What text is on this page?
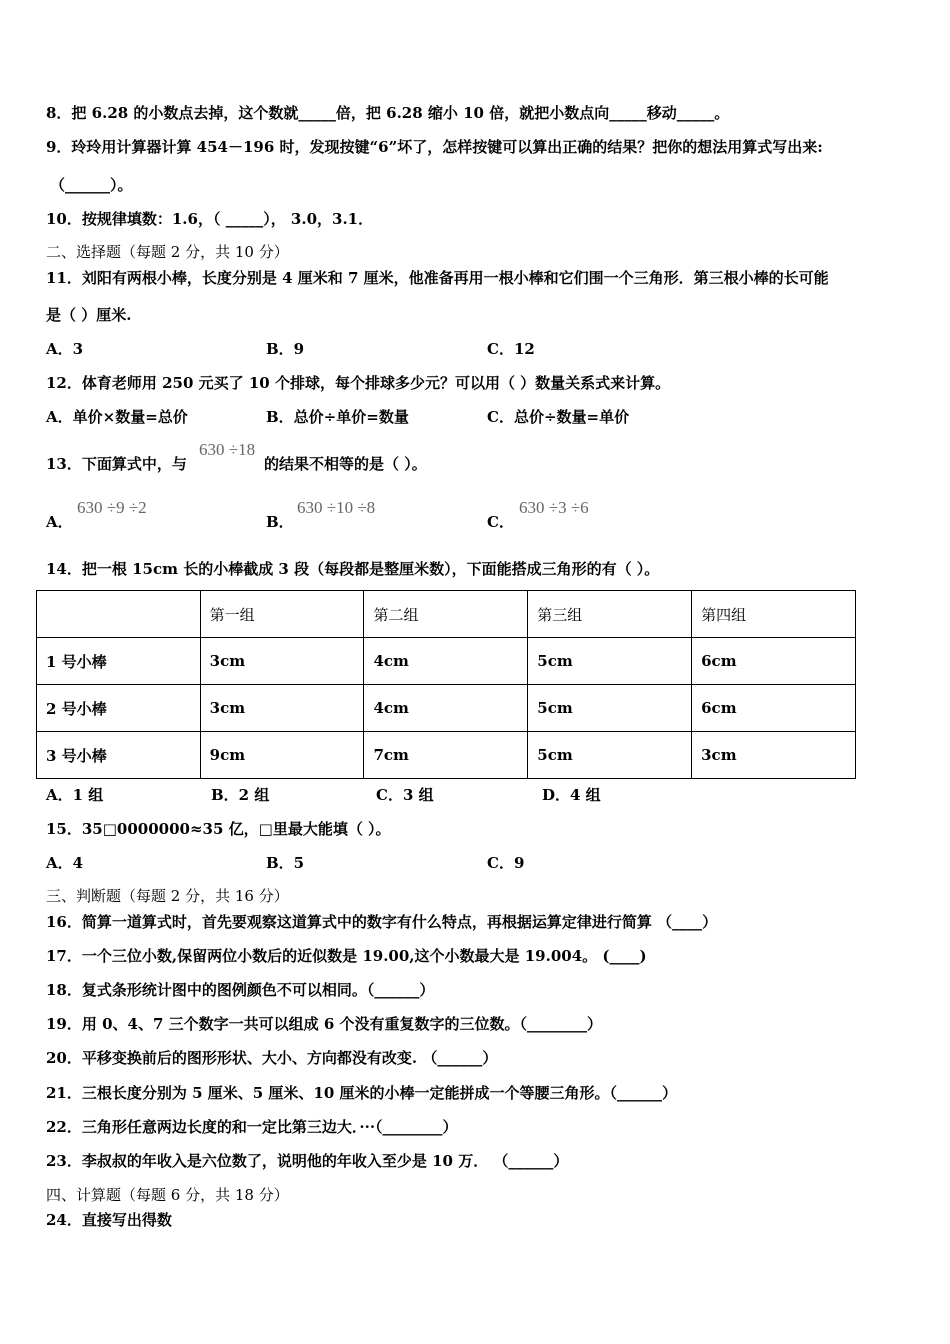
8．把 6.28 的小数点去掉，这个数就_____倍，把 6.28 缩小 10 倍，就把小数点向_____移动_____。
9．玲玲用计算器计算 454－196 时，发现按键“6”坏了，怎样按键可以算出正确的结果？把你的想法用算式写出来:
（______）。
10．按规律填数：1.6，（ _____）， 3.0，3.1．
二、选择题（每题 2 分，共 10 分）
11．刘阳有两根小棒，长度分别是 4 厘米和 7 厘米，他准备再用一根小棒和它们围一个三角形．第三根小棒的长可能
是（ ）厘米.
A．3	B．9	C．12
12．体育老师用 250 元买了 10 个排球，每个排球多少元？可以用（ ）数量关系式来计算。
A．单价×数量=总价	B．总价÷单价=数量	C．总价÷数量=单价
13．下面算式中，与
630 ÷18
的结果不相等的是（ ）。
A．
630 ÷9 ÷2
B．
630 ÷10 ÷8
C．
630 ÷3 ÷6
14．把一根 15cm 长的小棒截成 3 段（每段都是整厘米数），下面能搭成三角形的有（ ）。
	第一组	第二组	第三组	第四组
1 号小棒	3cm	4cm	5cm	6cm
2 号小棒	3cm	4cm	5cm	6cm
3 号小棒	9cm	7cm	5cm	3cm
A．1 组	B．2 组	C．3 组	D．4 组
15．35□0000000≈35 亿，□里最大能填（ ）。
A．4	B．5	C．9
三、判断题（每题 2 分，共 16 分）
16．简算一道算式时，首先要观察这道算式中的数字有什么特点，再根据运算定律进行简算 （____）
17．一个三位小数,保留两位小数后的近似数是 19.00,这个小数最大是 19.004。 (____)
18．复式条形统计图中的图例颜色不可以相同。（______）
19．用 0、4、7 三个数字一共可以组成 6 个没有重复数字的三位数。（________）
20．平移变换前后的图形形状、大小、方向都没有改变. （______）
21．三根长度分别为 5 厘米、5 厘米、10 厘米的小棒一定能拼成一个等腰三角形。（______）
22．三角形任意两边长度的和一定比第三边大．···（________）
23．李叔叔的年收入是六位数了，说明他的年收入至少是 10 万． （______）
四、计算题（每题 6 分，共 18 分）
24．直接写出得数
